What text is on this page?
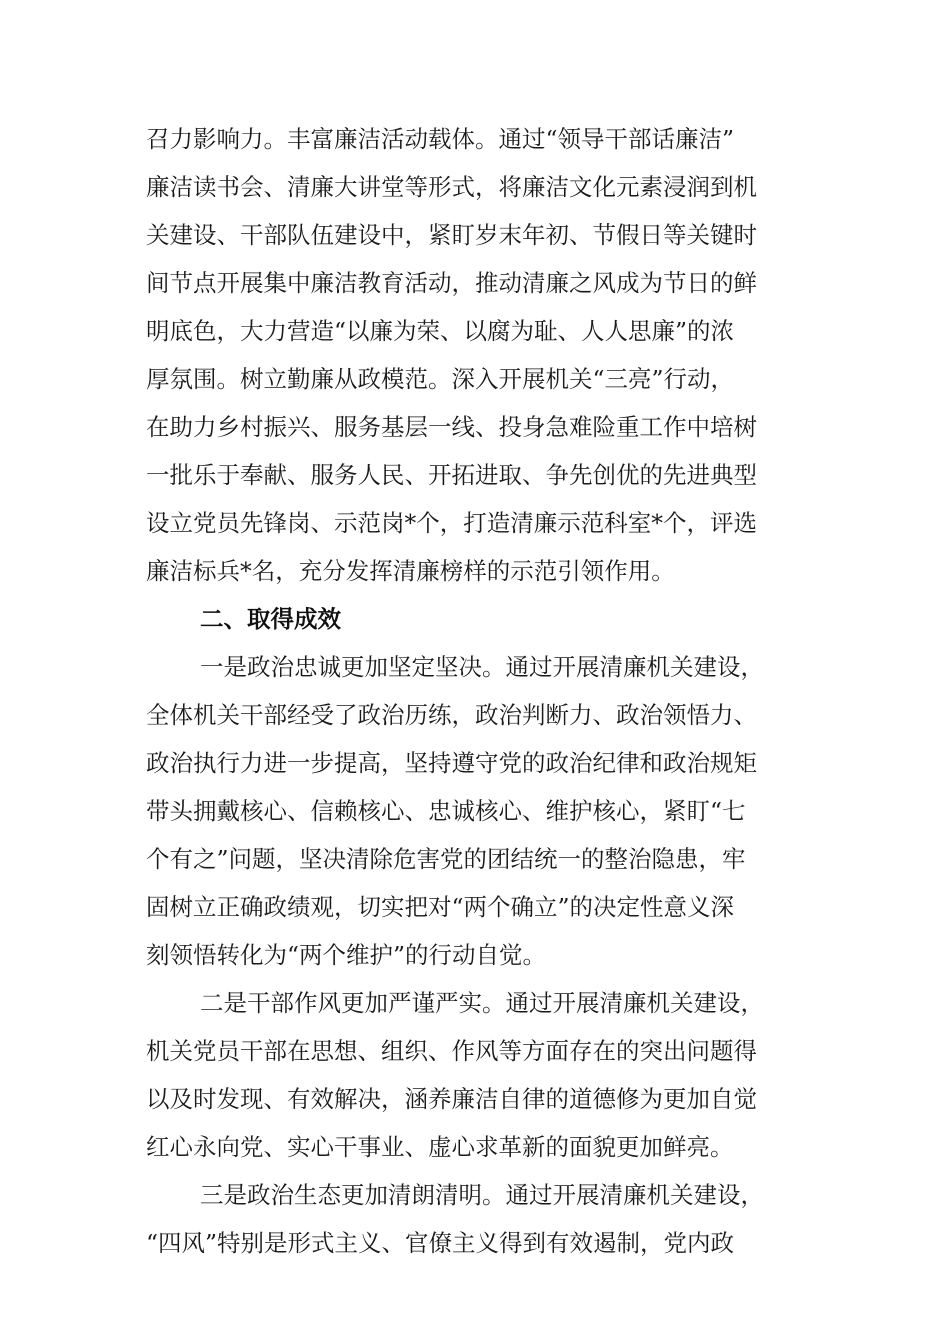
召力影响力。丰富廉洁活动载体。通过“领导干部话廉洁”
廉洁读书会、清廉大讲堂等形式，将廉洁文化元素浸润到机
关建设、干部队伍建设中，紧盯岁末年初、节假日等关键时
间节点开展集中廉洁教育活动，推动清廉之风成为节日的鲜
明底色，大力营造“以廉为荣、以腐为耻、人人思廉”的浓
厚氛围。树立勤廉从政模范。深入开展机关“三亮”行动，
在助力乡村振兴、服务基层一线、投身急难险重工作中培树
一批乐于奉献、服务人民、开拓进取、争先创优的先进典型
设立党员先锋岗、示范岗*个，打造清廉示范科室*个，评选
廉洁标兵*名，充分发挥清廉榜样的示范引领作用。
二、取得成效
一是政治忠诚更加坚定坚决。通过开展清廉机关建设，
全体机关干部经受了政治历练，政治判断力、政治领悟力、
政治执行力进一步提高，坚持遵守党的政治纪律和政治规矩
带头拥戴核心、信赖核心、忠诚核心、维护核心，紧盯“七
个有之”问题，坚决清除危害党的团结统一的整治隐患，牢
固树立正确政绩观，切实把对“两个确立”的决定性意义深
刻领悟转化为“两个维护”的行动自觉。
二是干部作风更加严谨严实。通过开展清廉机关建设，
机关党员干部在思想、组织、作风等方面存在的突出问题得
以及时发现、有效解决，涵养廉洁自律的道德修为更加自觉
红心永向党、实心干事业、虚心求革新的面貌更加鲜亮。
三是政治生态更加清朗清明。通过开展清廉机关建设，
“四风”特别是形式主义、官僚主义得到有效遏制，党内政
